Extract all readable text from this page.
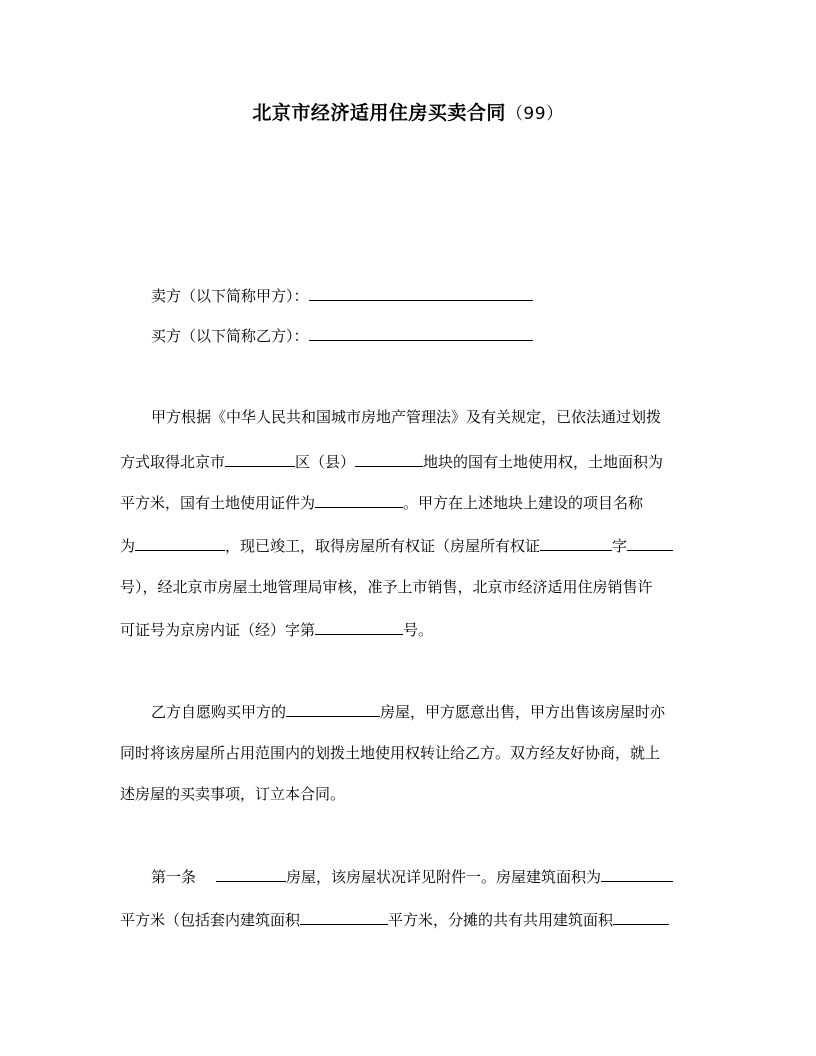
北京市经济适用住房买卖合同（99）
卖方（以下简称甲方）：
买方（以下简称乙方）：
甲方根据《中华人民共和国城市房地产管理法》及有关规定，已依法通过划拨
方式取得北京市	区（县）	地块的国有土地使用权，土地面积为
平方米，国有土地使用证件为	。甲方在上述地块上建设的项目名称
为	，现已竣工，取得房屋所有权证（房屋所有权证	字
号），经北京市房屋土地管理局审核，准予上市销售，北京市经济适用住房销售许
可证号为京房内证（经）字第	号。
乙方自愿购买甲方的	房屋，甲方愿意出售，甲方出售该房屋时亦
同时将该房屋所占用范围内的划拨土地使用权转让给乙方。双方经友好协商，就上
述房屋的买卖事项，订立本合同。
第一条	房屋，该房屋状况详见附件一。房屋建筑面积为
平方米（包括套内建筑面积	平方米，分摊的共有共用建筑面积
